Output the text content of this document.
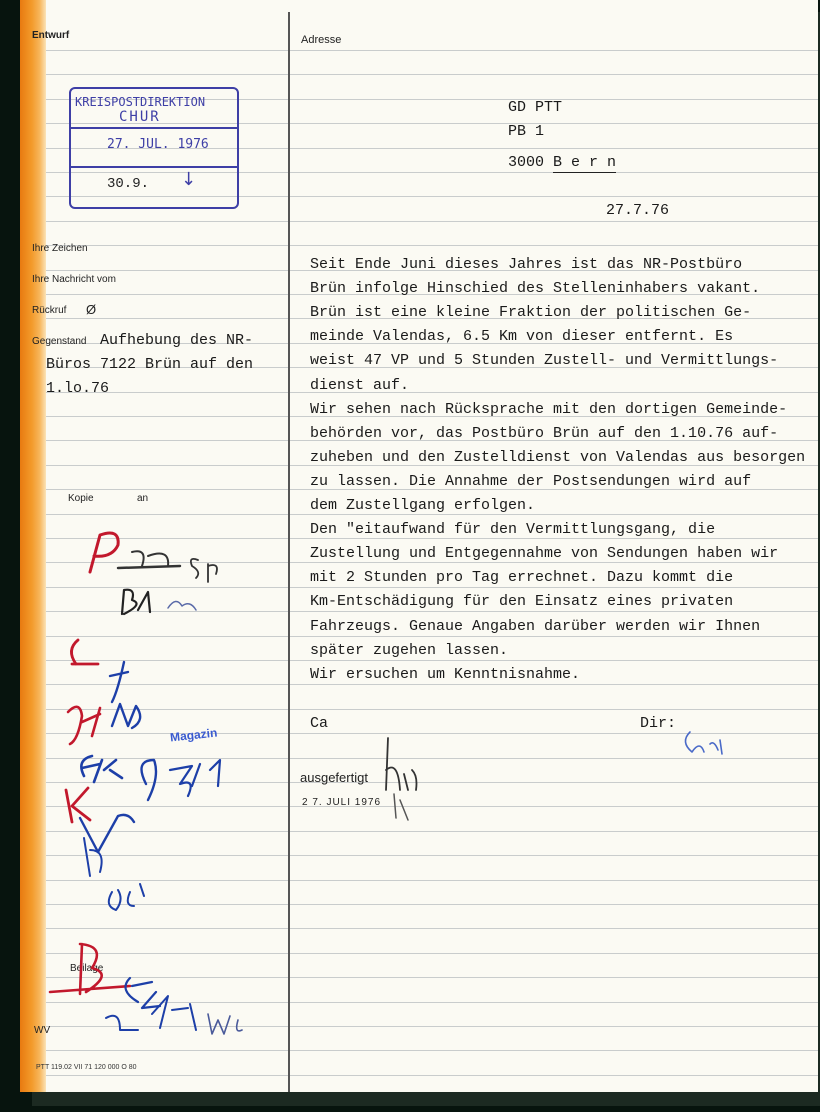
Entwurf
Ihre Zeichen
Ihre Nachricht vom
Rückruf Ø
Gegenstand Aufhebung des NR-
Büros 7122 Brün auf den
1.lo.76
Kopie	an
Beilage
WV
PTT 119.02 VII 71 120 000 O 80
KREISPOSTDIREKTION
CHUR
27. JUL. 1976
30.9. ↓
Adresse
GD PTT
PB 1
3000 B e r n
27.7.76
Seit Ende Juni dieses Jahres ist das NR-Postbüro
Brün infolge Hinschied des Stelleninhabers vakant.
Brün ist eine kleine Fraktion der politischen Ge-
meinde Valendas, 6.5 Km von dieser entfernt. Es
weist 47 VP und 5 Stunden Zustell- und Vermittlungs-
dienst auf.
Wir sehen nach Rücksprache mit den dortigen Gemeinde-
behörden vor, das Postbüro Brün auf den 1.10.76 auf-
zuheben und den Zustelldienst von Valendas aus besorgen
zu lassen. Die Annahme der Postsendungen wird auf
dem Zustellgang erfolgen.
Den "eitaufwand für den Vermittlungsgang, die
Zustellung und Entgegennahme von Sendungen haben wir
mit 2 Stunden pro Tag errechnet. Dazu kommt die
Km-Entschädigung für den Einsatz eines privaten
Fahrzeugs. Genaue Angaben darüber werden wir Ihnen
später zugehen lassen.
Wir ersuchen um Kenntnisnahme.
Ca	Dir:
ausgefertigt
2 7. JULI 1976
Magazin
